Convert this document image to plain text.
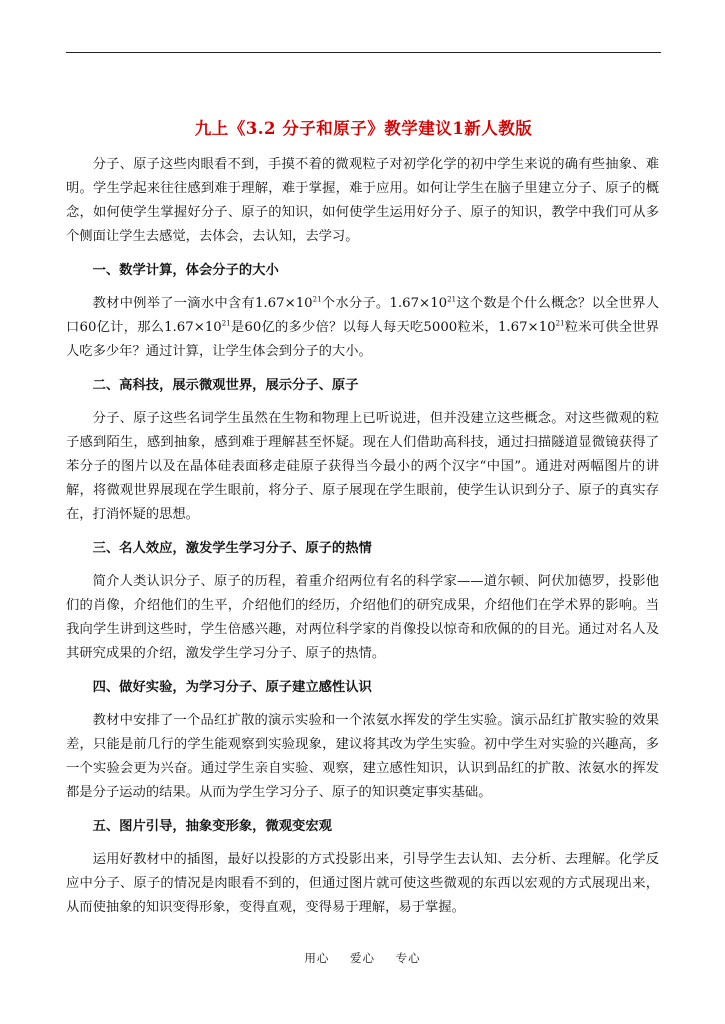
九上《3.2 分子和原子》教学建议1新人教版

分子、原子这些肉眼看不到，手摸不着的微观粒子对初学化学的初中学生来说的确有些抽象、难明。学生学起来往往感到难于理解，难于掌握，难于应用。如何让学生在脑子里建立分子、原子的概念，如何使学生掌握好分子、原子的知识，如何使学生运用好分子、原子的知识，教学中我们可从多个侧面让学生去感觉，去体会，去认知，去学习。

一、数学计算，体会分子的大小

教材中例举了一滴水中含有$1.67\times 10^{21}$个水分子。$1.67\times 10^{21}$这个数是个什么概念？以全世界人口60亿计，那么$1.67\times 10^{21}$是60亿的多少倍？以每人每天吃5000粒米，$1.67\times 10^{21}$粒米可供全世界人吃多少年？通过计算，让学生体会到分子的大小。

二、高科技，展示微观世界，展示分子、原子

分子、原子这些名词学生虽然在生物和物理上已听说进，但并没建立这些概念。对这些微观的粒子感到陌生，感到抽象，感到难于理解甚至怀疑。现在人们借助高科技，通过扫描隧道显微镜获得了苯分子的图片以及在晶体硅表面移走硅原子获得当今最小的两个汉字“中国”。通进对两幅图片的讲解，将微观世界展现在学生眼前，将分子、原子展现在学生眼前，使学生认识到分子、原子的真实存在，打消怀疑的思想。

三、名人效应，激发学生学习分子、原子的热情

简介人类认识分子、原子的历程，着重介绍两位有名的科学家——道尔顿、阿伏加德罗，投影他们的肖像，介绍他们的生平，介绍他们的经历，介绍他们的研究成果，介绍他们在学术界的影响。当我向学生讲到这些时，学生倍感兴趣，对两位科学家的肖像投以惊奇和欣佩的的目光。通过对名人及其研究成果的介绍，激发学生学习分子、原子的热情。

四、做好实验，为学习分子、原子建立感性认识

教材中安排了一个品红扩散的演示实验和一个浓氨水挥发的学生实验。演示品红扩散实验的效果差，只能是前几行的学生能观察到实验现象，建议将其改为学生实验。初中学生对实验的兴趣高，多一个实验会更为兴奋。通过学生亲自实验、观察，建立感性知识，认识到品红的扩散、浓氨水的挥发都是分子运动的结果。从而为学生学习分子、原子的知识奠定事实基础。

五、图片引导，抽象变形象，微观变宏观

运用好教材中的插图，最好以投影的方式投影出来，引导学生去认知、去分析、去理解。化学反应中分子、原子的情况是肉眼看不到的，但通过图片就可使这些微观的东西以宏观的方式展现出来，从而使抽象的知识变得形象，变得直观，变得易于理解，易于掌握。

用心 爱心 专心
